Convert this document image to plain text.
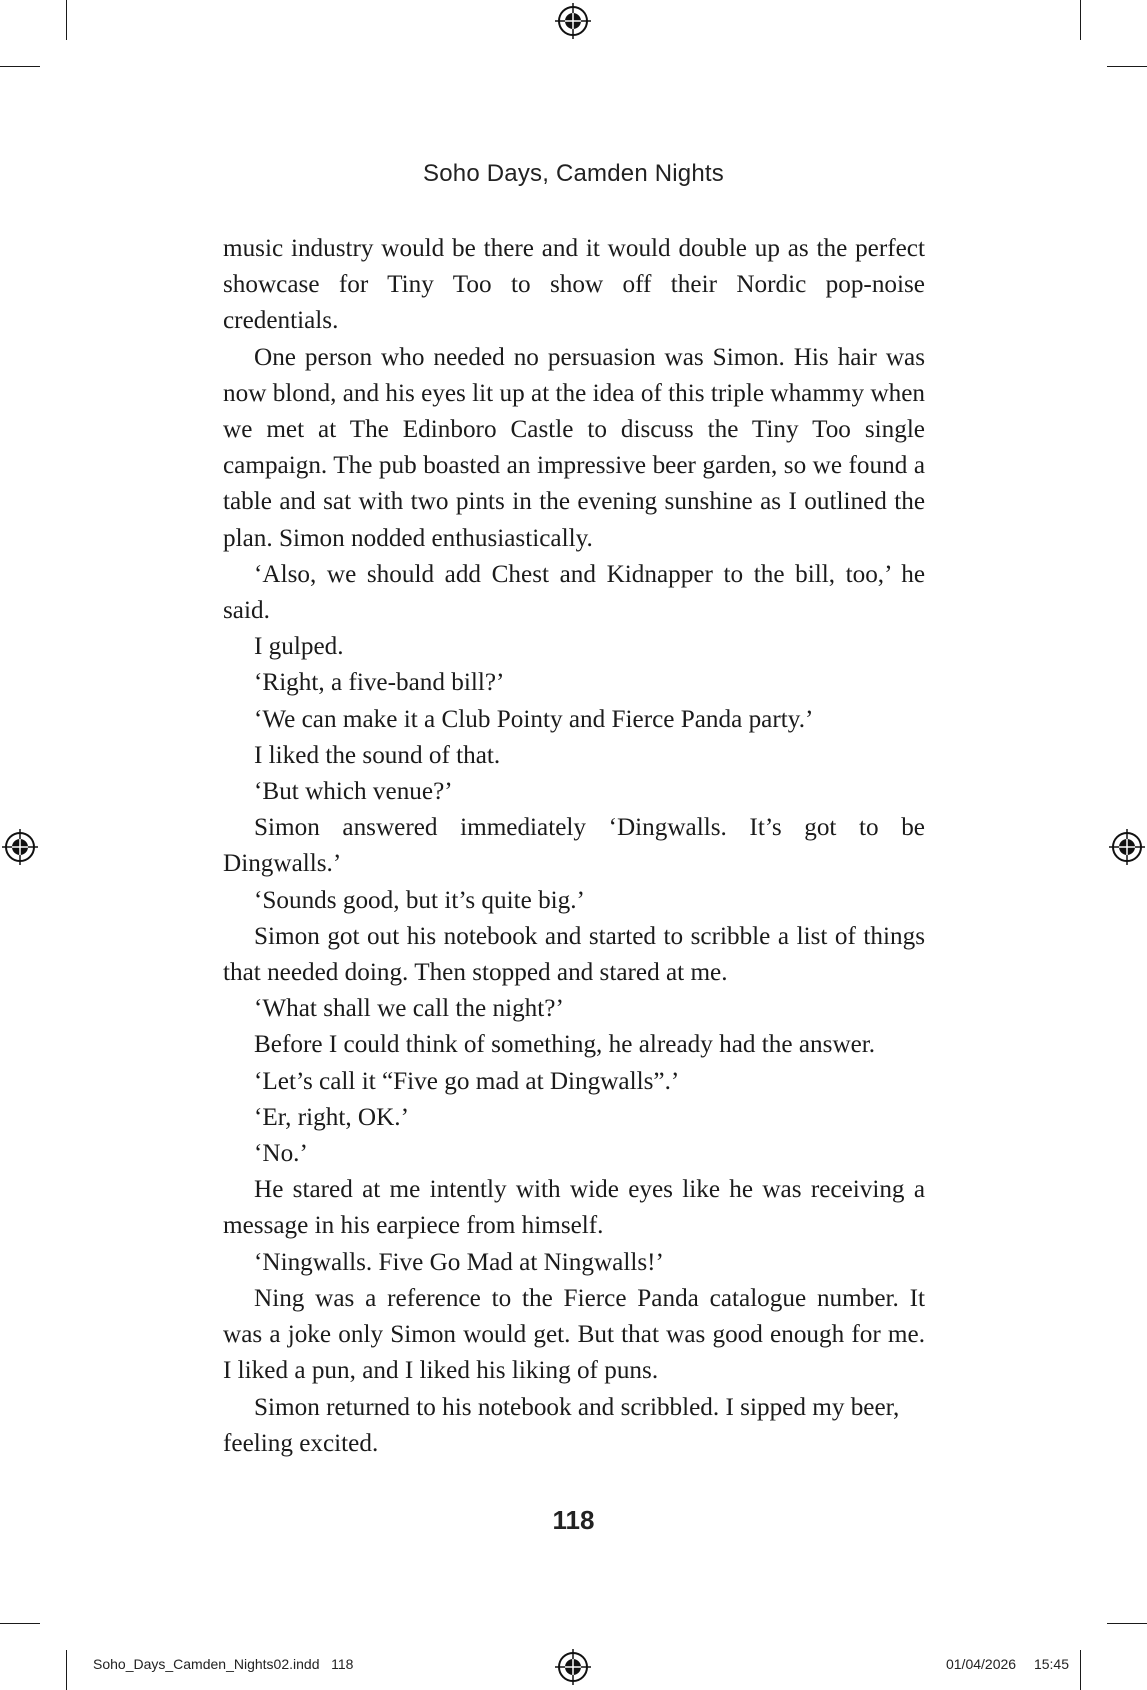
Soho Days, Camden Nights

music industry would be there and it would double up as the perfect showcase for Tiny Too to show off their Nordic pop-noise credentials.

One person who needed no persuasion was Simon. His hair was now blond, and his eyes lit up at the idea of this triple whammy when we met at The Edinboro Castle to discuss the Tiny Too single campaign. The pub boasted an impressive beer garden, so we found a table and sat with two pints in the evening sunshine as I outlined the plan. Simon nodded enthusiastically.

‘Also, we should add Chest and Kidnapper to the bill, too,’ he said.

I gulped.

‘Right, a five-band bill?’

‘We can make it a Club Pointy and Fierce Panda party.’

I liked the sound of that.

‘But which venue?’

Simon answered immediately ‘Dingwalls. It’s got to be Dingwalls.’

‘Sounds good, but it’s quite big.’

Simon got out his notebook and started to scribble a list of things that needed doing. Then stopped and stared at me.

‘What shall we call the night?’

Before I could think of something, he already had the answer.

‘Let’s call it “Five go mad at Dingwalls”.’

‘Er, right, OK.’

‘No.’

He stared at me intently with wide eyes like he was receiving a message in his earpiece from himself.

‘Ningwalls. Five Go Mad at Ningwalls!’

Ning was a reference to the Fierce Panda catalogue number. It was a joke only Simon would get. But that was good enough for me. I liked a pun, and I liked his liking of puns.

Simon returned to his notebook and scribbled. I sipped my beer, feeling excited.

118
Soho_Days_Camden_Nights02.indd   118	01/04/2026 15:45
